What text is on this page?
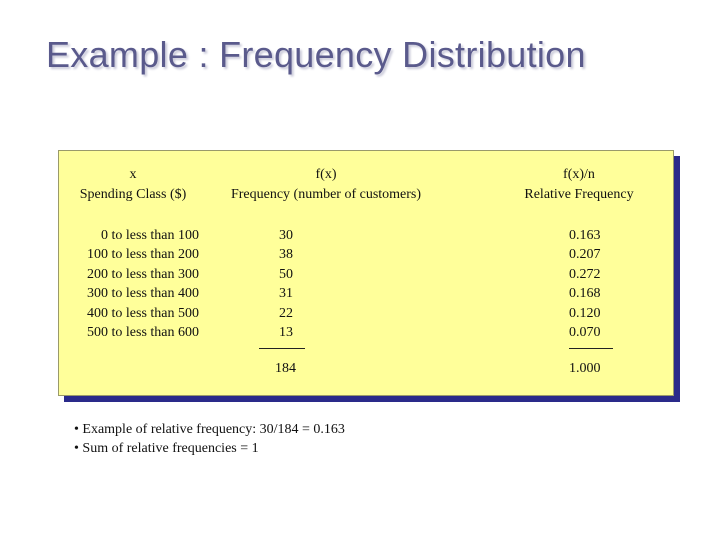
Example : Frequency Distribution
x
Spending Class ($)
f(x)
Frequency (number of customers)
f(x)/n
Relative Frequency
0 to less than 100
100 to less than 200
200 to less than 300
300 to less than 400
400 to less than 500
500 to less than 600
30
38
50
31
22
13
0.163
0.207
0.272
0.168
0.120
0.070
184	1.000
• Example of relative frequency: 30/184 = 0.163
• Sum of relative frequencies = 1
